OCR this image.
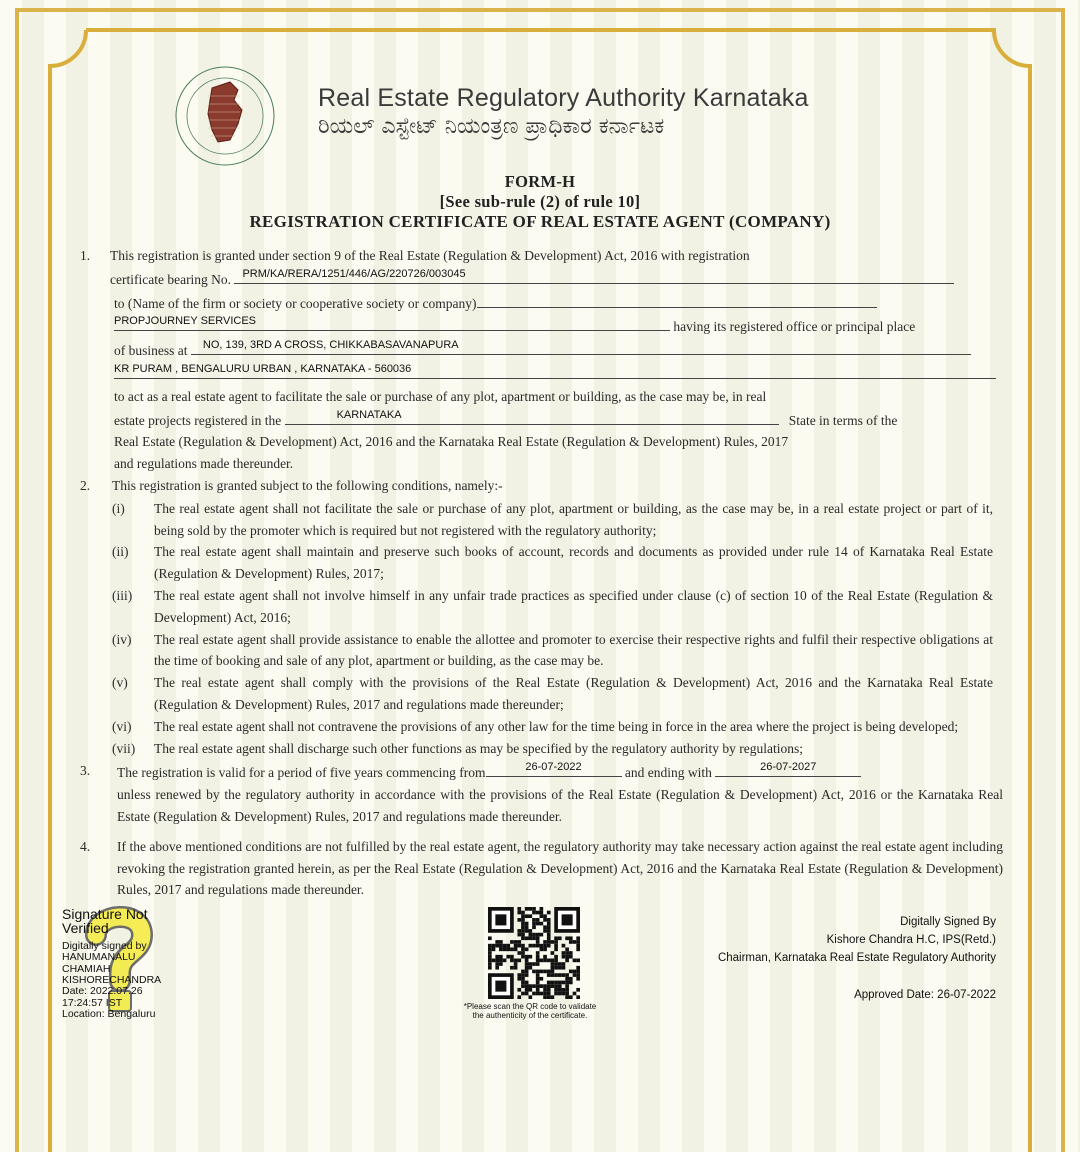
Real Estate Regulatory Authority Karnataka
ರಿಯಲ್ ಎಸ್ಟೇಟ್ ನಿಯಂತ್ರಣ ಪ್ರಾಧಿಕಾರ ಕರ್ನಾಟಕ
FORM-H
[See sub-rule (2) of rule 10]
REGISTRATION CERTIFICATE OF REAL ESTATE AGENT (COMPANY)
1. This registration is granted under section 9 of the Real Estate (Regulation & Development) Act, 2016 with registration
certificate bearing No. PRM/KA/RERA/1251/446/AG/220726/003045
to (Name of the firm or society or cooperative society or company)
PROPJOURNEY SERVICES	having its registered office or principal place
of business at NO, 139, 3RD A CROSS, CHIKKABASAVANAPURA
KR PURAM , BENGALURU URBAN , KARNATAKA - 560036
to act as a real estate agent to facilitate the sale or purchase of any plot, apartment or building, as the case may be, in real
estate projects registered in the	KARNATAKA	State in terms of the
Real Estate (Regulation & Development) Act, 2016 and the Karnataka Real Estate (Regulation & Development) Rules, 2017
and regulations made thereunder.
2. This registration is granted subject to the following conditions, namely:-
(i) The real estate agent shall not facilitate the sale or purchase of any plot, apartment or building, as the case may be, in a real estate project or part of it, being sold by the promoter which is required but not registered with the regulatory authority;
(ii) The real estate agent shall maintain and preserve such books of account, records and documents as provided under rule 14 of Karnataka Real Estate (Regulation & Development) Rules, 2017;
(iii) The real estate agent shall not involve himself in any unfair trade practices as specified under clause (c) of section 10 of the Real Estate (Regulation & Development) Act, 2016;
(iv) The real estate agent shall provide assistance to enable the allottee and promoter to exercise their respective rights and fulfil their respective obligations at the time of booking and sale of any plot, apartment or building, as the case may be.
(v) The real estate agent shall comply with the provisions of the Real Estate (Regulation & Development) Act, 2016 and the Karnataka Real Estate (Regulation & Development) Rules, 2017 and regulations made thereunder;
(vi) The real estate agent shall not contravene the provisions of any other law for the time being in force in the area where the project is being developed;
(vii) The real estate agent shall discharge such other functions as may be specified by the regulatory authority by regulations;
3. The registration is valid for a period of five years commencing from	26-07-2022	and ending with	26-07-2027
unless renewed by the regulatory authority in accordance with the provisions of the Real Estate (Regulation & Development) Act, 2016 or the Karnataka Real Estate (Regulation & Development) Rules, 2017 and regulations made thereunder.
4. If the above mentioned conditions are not fulfilled by the real estate agent, the regulatory authority may take necessary action against the real estate agent including revoking the registration granted herein, as per the Real Estate (Regulation & Development) Act, 2016 and the Karnataka Real Estate (Regulation & Development) Rules, 2017 and regulations made thereunder.
Signature Not Verified
Digitally signed by
HANUMANALU
CHAMIAH
KISHORECHANDRA
Date: 2022.07.26
17:24:57 IST
Location: Bengaluru
*Please scan the QR code to validate
the authenticity of the certificate.
Digitally Signed By
Kishore Chandra H.C, IPS(Retd.)
Chairman, Karnataka Real Estate Regulatory Authority
Approved Date: 26-07-2022
